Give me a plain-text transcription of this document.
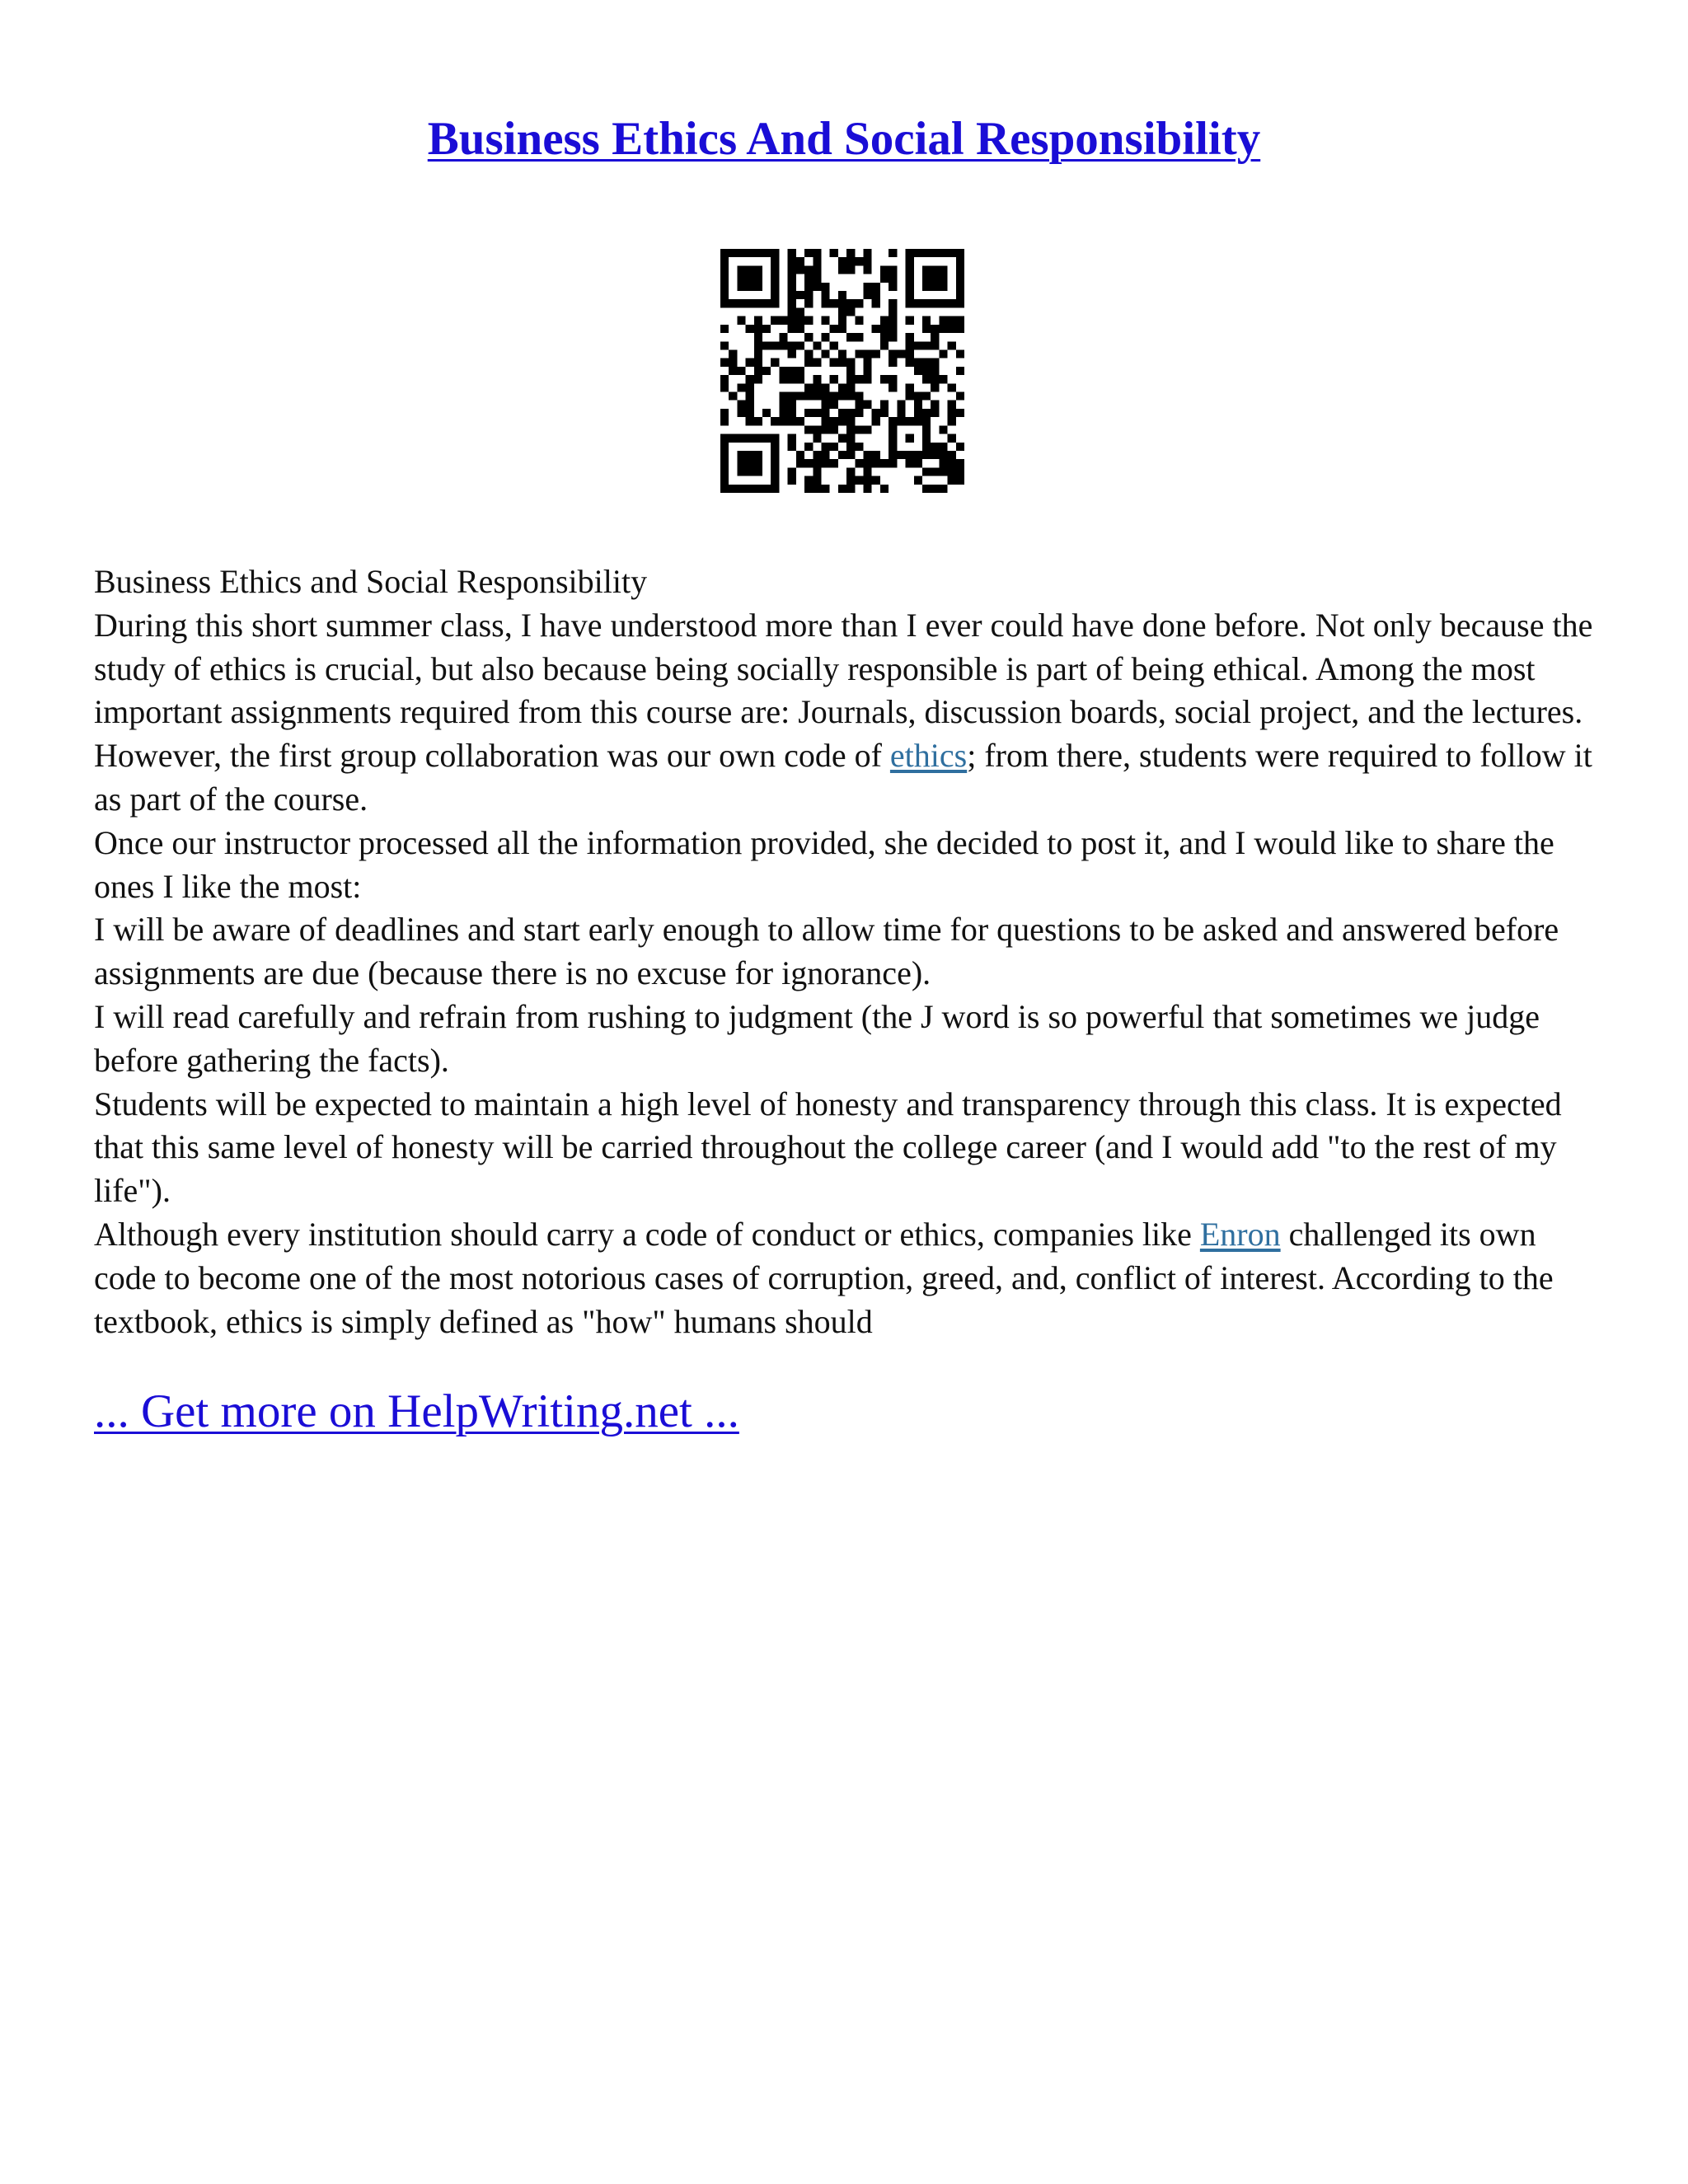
Business Ethics And Social Responsibility

Business Ethics and Social Responsibility

During this short summer class, I have understood more than I ever could have done before. Not only because the study of ethics is crucial, but also because being socially responsible is part of being ethical. Among the most important assignments required from this course are: Journals, discussion boards, social project, and the lectures. However, the first group collaboration was our own code of ethics; from there, students were required to follow it as part of the course.

Once our instructor processed all the information provided, she decided to post it, and I would like to share the ones I like the most:

I will be aware of deadlines and start early enough to allow time for questions to be asked and answered before assignments are due (because there is no excuse for ignorance).

I will read carefully and refrain from rushing to judgment (the J word is so powerful that sometimes we judge before gathering the facts).

Students will be expected to maintain a high level of honesty and transparency through this class. It is expected that this same level of honesty will be carried throughout the college career (and I would add "to the rest of my life").

Although every institution should carry a code of conduct or ethics, companies like Enron challenged its own code to become one of the most notorious cases of corruption, greed, and, conflict of interest. According to the textbook, ethics is simply defined as "how" humans should

... Get more on HelpWriting.net ...
